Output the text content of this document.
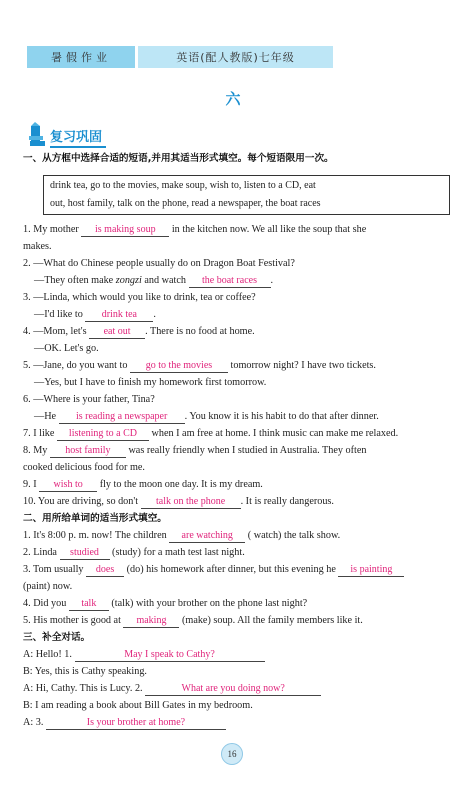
暑假作业	英语(配人教版)七年级
六
复习巩固
一、从方框中选择合适的短语,并用其适当形式填空。每个短语限用一次。
drink tea, go to the movies, make soup, wish to, listen to a CD, eat
out, host family, talk on the phone, read a newspaper, the boat races
1. My mother is making soup in the kitchen now. We all like the soup that she
makes.
2. —What do Chinese people usually do on Dragon Boat Festival?
—They often make zongzi and watch the boat races .
3. —Linda, which would you like to drink, tea or coffee?
—I'd like to drink tea .
4. —Mom, let's eat out . There is no food at home.
—OK. Let's go.
5. —Jane, do you want to go to the movies tomorrow night? I have two tickets.
—Yes, but I have to finish my homework first tomorrow.
6. —Where is your father, Tina?
—He is reading a newspaper . You know it is his habit to do that after dinner.
7. I like listening to a CD when I am free at home. I think music can make me relaxed.
8. My host family was really friendly when I studied in Australia. They often
cooked delicious food for me.
9. I wish to fly to the moon one day. It is my dream.
10. You are driving, so don't talk on the phone . It is really dangerous.
二、用所给单词的适当形式填空。
1. It's 8:00 p. m. now! The children are watching ( watch) the talk show.
2. Linda studied (study) for a math test last night.
3. Tom usually does (do) his homework after dinner, but this evening he is painting
(paint) now.
4. Did you talk (talk) with your brother on the phone last night?
5. His mother is good at making (make) soup. All the family members like it.
三、补全对话。
A: Hello! 1.	May I speak to Cathy?
B: Yes, this is Cathy speaking.
A: Hi, Cathy. This is Lucy. 2.	What are you doing now?
B: I am reading a book about Bill Gates in my bedroom.
A: 3.	Is your brother at home?
16
